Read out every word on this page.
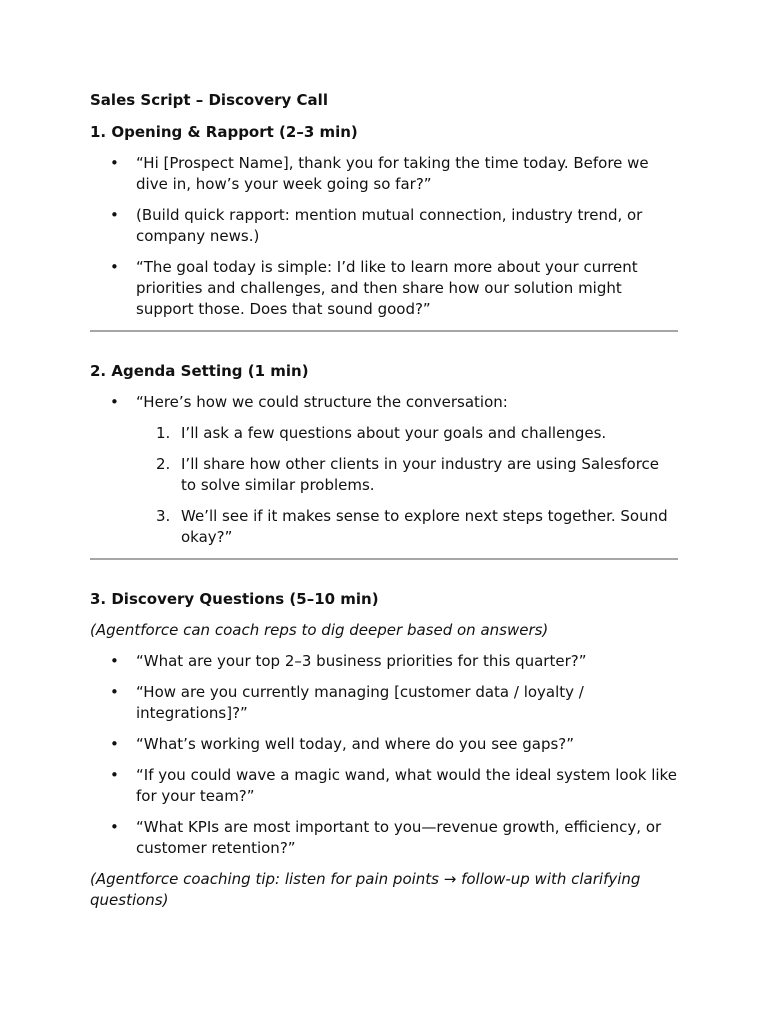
Sales Script – Discovery Call

1. Opening & Rapport (2–3 min)

• “Hi [Prospect Name], thank you for taking the time today. Before we dive in, how’s your week going so far?”
• (Build quick rapport: mention mutual connection, industry trend, or company news.)
• “The goal today is simple: I’d like to learn more about your current priorities and challenges, and then share how our solution might support those. Does that sound good?”

2. Agenda Setting (1 min)

• “Here’s how we could structure the conversation:
1. I’ll ask a few questions about your goals and challenges.
2. I’ll share how other clients in your industry are using Salesforce to solve similar problems.
3. We’ll see if it makes sense to explore next steps together. Sound okay?”

3. Discovery Questions (5–10 min)

(Agentforce can coach reps to dig deeper based on answers)

• “What are your top 2–3 business priorities for this quarter?”
• “How are you currently managing [customer data / loyalty / integrations]?”
• “What’s working well today, and where do you see gaps?”
• “If you could wave a magic wand, what would the ideal system look like for your team?”
• “What KPIs are most important to you—revenue growth, efficiency, or customer retention?”

(Agentforce coaching tip: listen for pain points → follow-up with clarifying questions)
